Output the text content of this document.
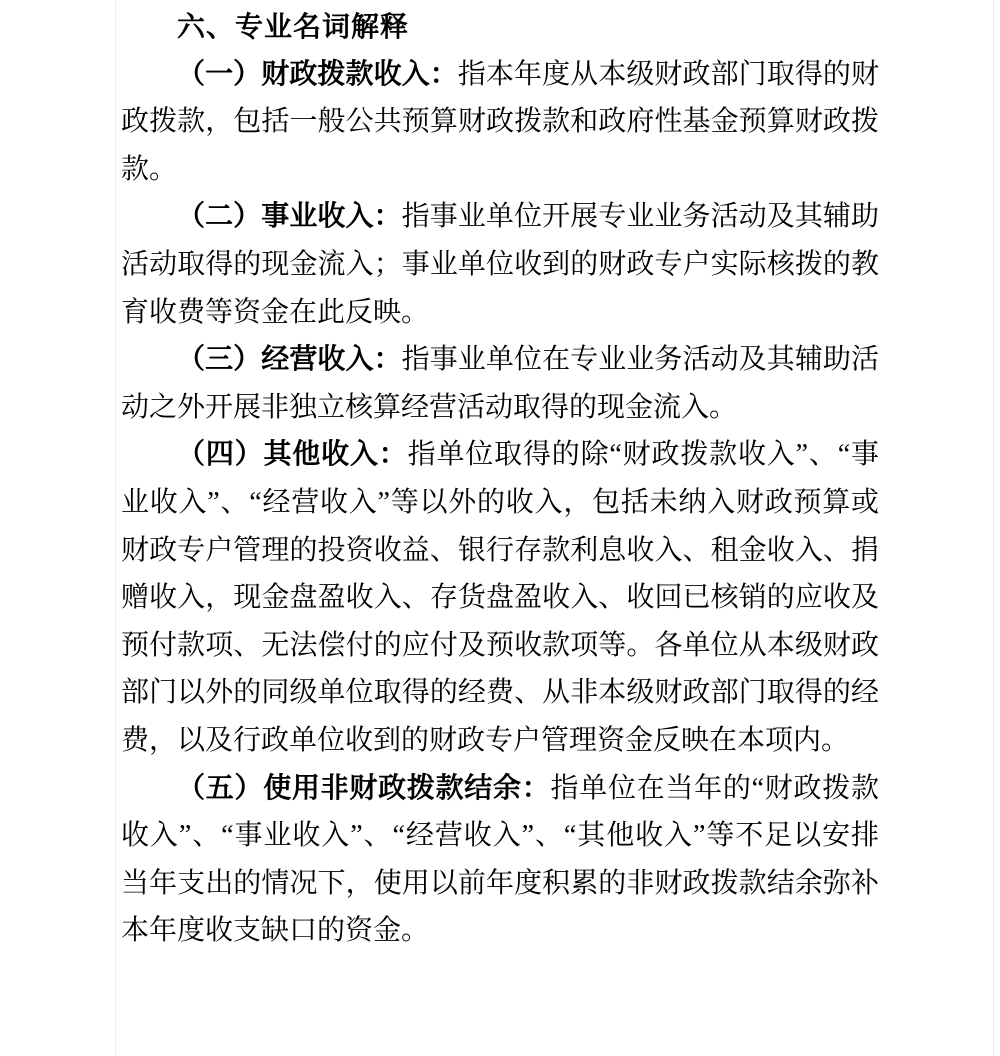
六、专业名词解释

（一）财政拨款收入：指本年度从本级财政部门取得的财政拨款，包括一般公共预算财政拨款和政府性基金预算财政拨款。

（二）事业收入：指事业单位开展专业业务活动及其辅助活动取得的现金流入；事业单位收到的财政专户实际核拨的教育收费等资金在此反映。

（三）经营收入：指事业单位在专业业务活动及其辅助活动之外开展非独立核算经营活动取得的现金流入。

（四）其他收入：指单位取得的除“财政拨款收入”、“事业收入”、“经营收入”等以外的收入，包括未纳入财政预算或财政专户管理的投资收益、银行存款利息收入、租金收入、捐赠收入，现金盘盈收入、存货盘盈收入、收回已核销的应收及预付款项、无法偿付的应付及预收款项等。各单位从本级财政部门以外的同级单位取得的经费、从非本级财政部门取得的经费，以及行政单位收到的财政专户管理资金反映在本项内。

（五）使用非财政拨款结余：指单位在当年的“财政拨款收入”、“事业收入”、“经营收入”、“其他收入”等不足以安排当年支出的情况下，使用以前年度积累的非财政拨款结余弥补本年度收支缺口的资金。
